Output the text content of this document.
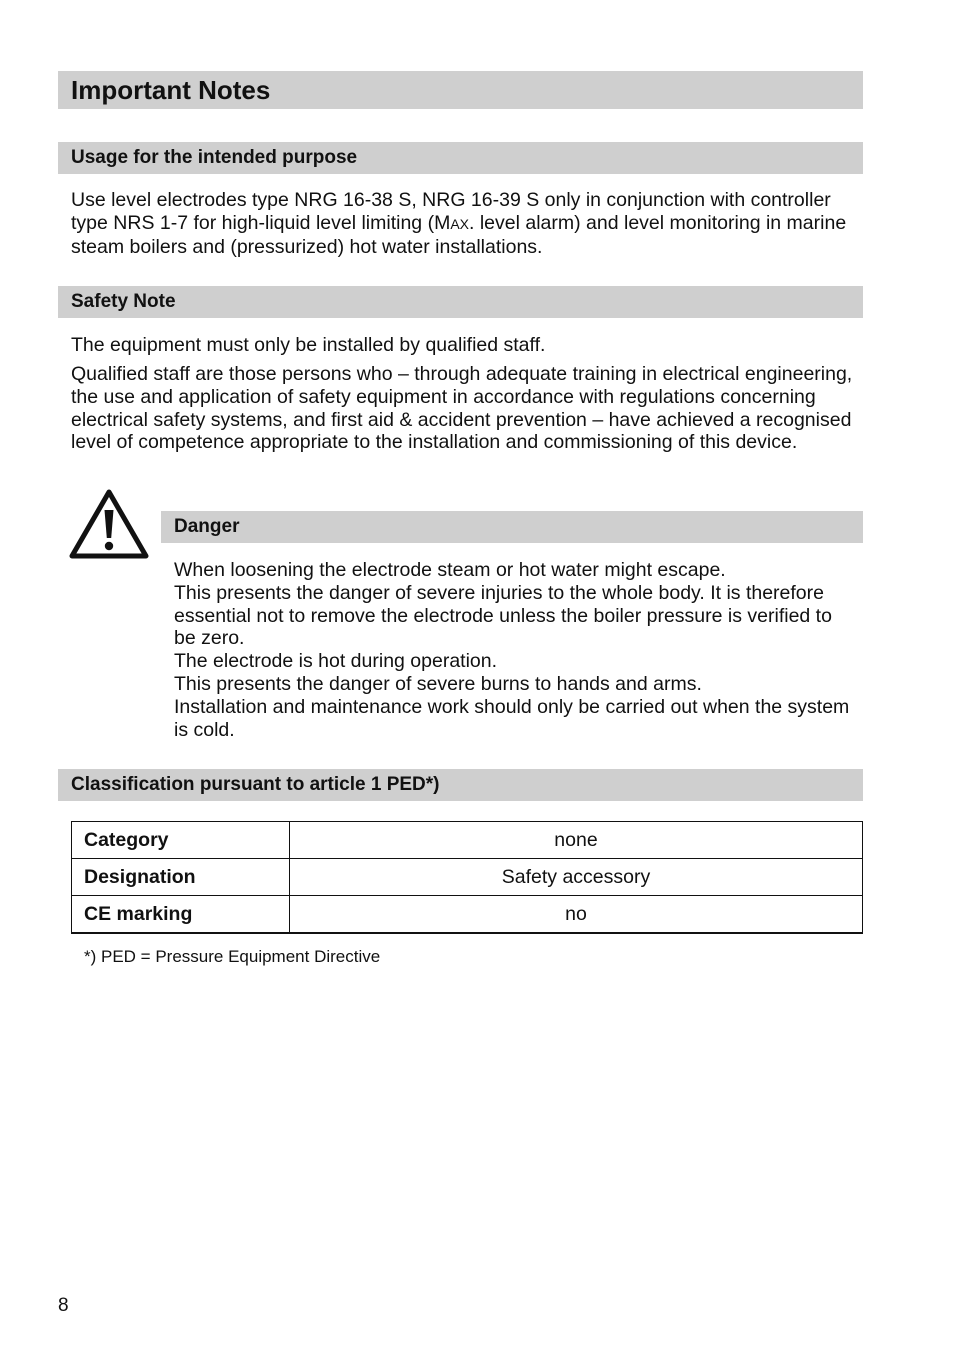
Important Notes
Usage for the intended purpose

Use level electrodes type NRG 16-38 S, NRG 16-39 S only in conjunction with controller type NRS 1-7 for high-liquid level limiting (MAX. level alarm) and level monitoring in marine steam boilers and (pressurized) hot water installations.

Safety Note

The equipment must only be installed by qualified staff.

Qualified staff are those persons who – through adequate training in electrical engineering, the use and application of safety equipment in accordance with regulations concerning electrical safety systems, and first aid & accident prevention – have achieved a recognised level of competence appropriate to the installation and commissioning of this device.

Danger
When loosening the electrode steam or hot water might escape.
This presents the danger of severe injuries to the whole body. It is therefore essential not to remove the electrode unless the boiler pressure is verified to be zero.
The electrode is hot during operation.
This presents the danger of severe burns to hands and arms.
Installation and maintenance work should only be carried out when the system is cold.
Classification pursuant to article 1 PED*)
Category	none
Designation	Safety accessory
CE marking	no
*) PED = Pressure Equipment Directive
8
